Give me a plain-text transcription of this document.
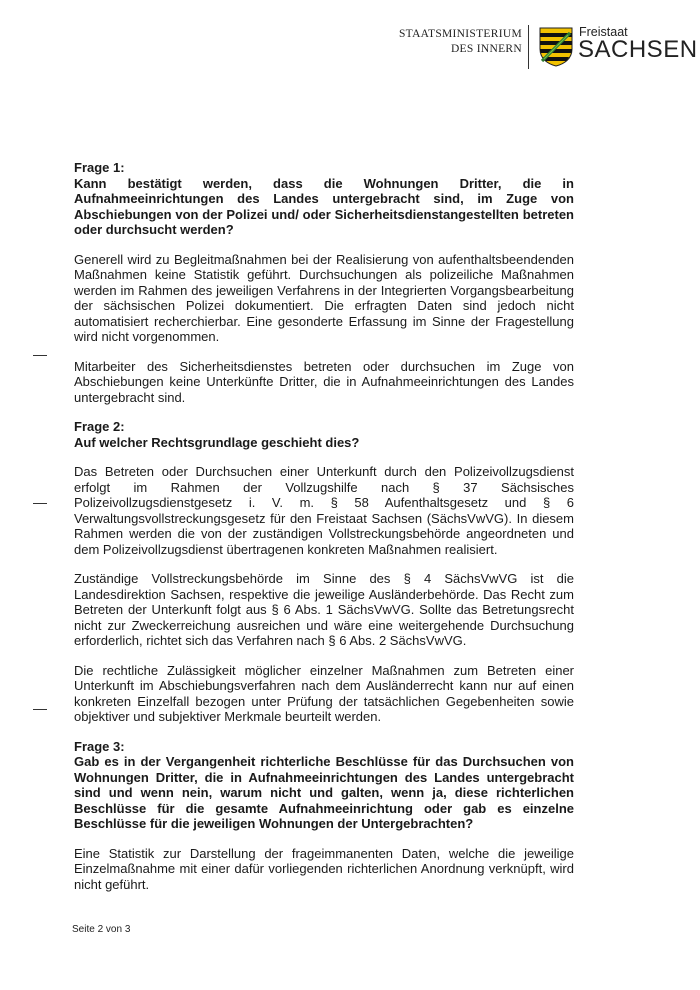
STAATSMINISTERIUM
DES INNERN
Freistaat
SACHSEN
Frage 1:
Kann bestätigt werden, dass die Wohnungen Dritter, die in Aufnahmeeinrichtungen des Landes untergebracht sind, im Zuge von Abschiebungen von der Polizei und/ oder Sicherheitsdienstangestellten betreten oder durchsucht werden?

Generell wird zu Begleitmaßnahmen bei der Realisierung von aufenthaltsbeendenden Maßnahmen keine Statistik geführt. Durchsuchungen als polizeiliche Maßnahmen werden im Rahmen des jeweiligen Verfahrens in der Integrierten Vorgangsbearbeitung der sächsischen Polizei dokumentiert. Die erfragten Daten sind jedoch nicht automatisiert recherchierbar. Eine gesonderte Erfassung im Sinne der Fragestellung wird nicht vorgenommen.

Mitarbeiter des Sicherheitsdienstes betreten oder durchsuchen im Zuge von Abschiebungen keine Unterkünfte Dritter, die in Aufnahmeeinrichtungen des Landes untergebracht sind.

Frage 2:
Auf welcher Rechtsgrundlage geschieht dies?

Das Betreten oder Durchsuchen einer Unterkunft durch den Polizeivollzugsdienst erfolgt im Rahmen der Vollzugshilfe nach § 37 Sächsisches Polizeivollzugsdienstgesetz i. V. m. § 58 Aufenthaltsgesetz und § 6 Verwaltungsvollstreckungsgesetz für den Freistaat Sachsen (SächsVwVG). In diesem Rahmen werden die von der zuständigen Vollstreckungsbehörde angeordneten und dem Polizeivollzugsdienst übertragenen konkreten Maßnahmen realisiert.

Zuständige Vollstreckungsbehörde im Sinne des § 4 SächsVwVG ist die Landesdirektion Sachsen, respektive die jeweilige Ausländerbehörde. Das Recht zum Betreten der Unterkunft folgt aus § 6 Abs. 1 SächsVwVG. Sollte das Betretungsrecht nicht zur Zweckerreichung ausreichen und wäre eine weitergehende Durchsuchung erforderlich, richtet sich das Verfahren nach § 6 Abs. 2 SächsVwVG.

Die rechtliche Zulässigkeit möglicher einzelner Maßnahmen zum Betreten einer Unterkunft im Abschiebungsverfahren nach dem Ausländerrecht kann nur auf einen konkreten Einzelfall bezogen unter Prüfung der tatsächlichen Gegebenheiten sowie objektiver und subjektiver Merkmale beurteilt werden.

Frage 3:
Gab es in der Vergangenheit richterliche Beschlüsse für das Durchsuchen von Wohnungen Dritter, die in Aufnahmeeinrichtungen des Landes untergebracht sind und wenn nein, warum nicht und galten, wenn ja, diese richterlichen Beschlüsse für die gesamte Aufnahmeeinrichtung oder gab es einzelne Beschlüsse für die jeweiligen Wohnungen der Untergebrachten?

Eine Statistik zur Darstellung der frageimmanenten Daten, welche die jeweilige Einzelmaßnahme mit einer dafür vorliegenden richterlichen Anordnung verknüpft, wird nicht geführt.

Seite 2 von 3
